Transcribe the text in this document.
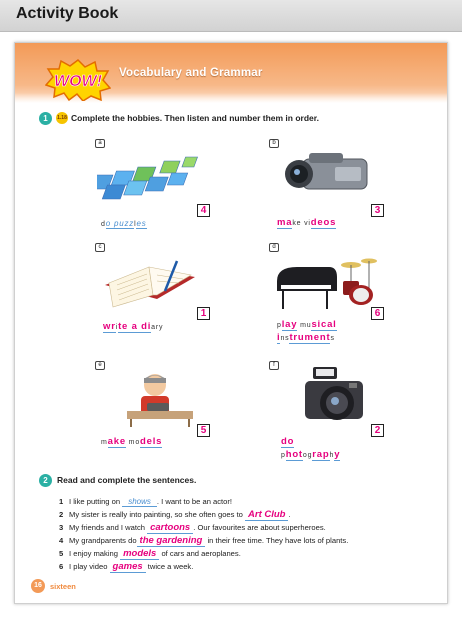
Activity Book
WOW! Vocabulary and Grammar
1	1.18 Complete the hobbies. Then listen and number them in order.
a
4
do puzzles
b
3
make videos
c
1
write a diary
d
6
play musical
instruments
e
5
make models
f
2
do
photography
2	Read and complete the sentences.
1 I like putting on shows . I want to be an actor!
2 My sister is really into painting, so she often goes to Art Club .
3 My friends and I watch cartoons . Our favourites are about superheroes.
4 My grandparents do the gardening in their free time. They have lots of plants.
5 I enjoy making models of cars and aeroplanes.
6 I play video games twice a week.
16	sixteen
